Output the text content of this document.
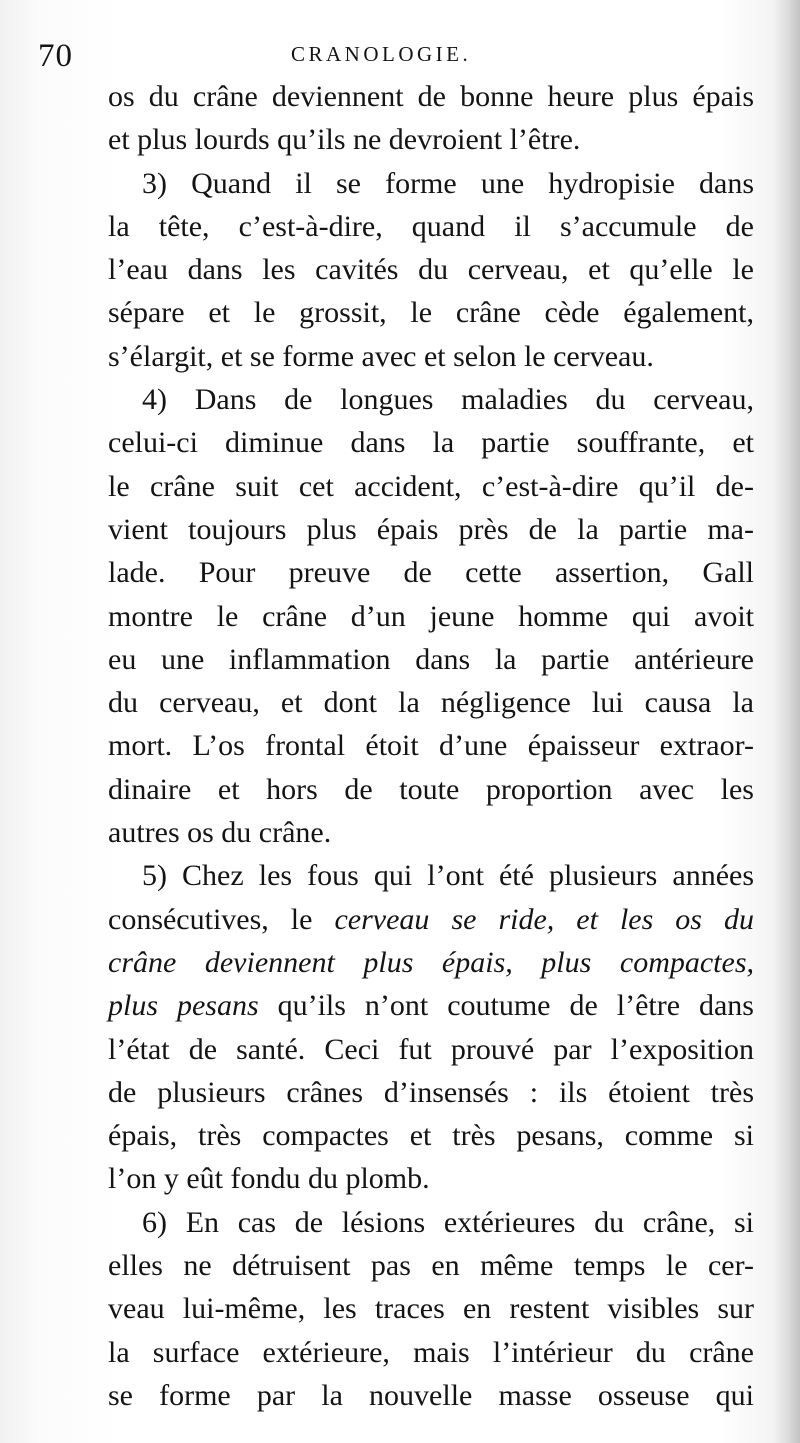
70	CRANOLOGIE.
os du crâne deviennent de bonne heure plus épais
et plus lourds qu’ils ne devroient l’être.
3) Quand il se forme une hydropisie dans
la tête, c’est-à-dire, quand il s’accumule de
l’eau dans les cavités du cerveau, et qu’elle le
sépare et le grossit, le crâne cède également,
s’élargit, et se forme avec et selon le cerveau.
4) Dans de longues maladies du cerveau,
celui-ci diminue dans la partie souffrante, et
le crâne suit cet accident, c’est-à-dire qu’il de-
vient toujours plus épais près de la partie ma-
lade. Pour preuve de cette assertion, Gall
montre le crâne d’un jeune homme qui avoit
eu une inflammation dans la partie antérieure
du cerveau, et dont la négligence lui causa la
mort. L’os frontal étoit d’une épaisseur extraor-
dinaire et hors de toute proportion avec les
autres os du crâne.
5) Chez les fous qui l’ont été plusieurs années
consécutives, le cerveau se ride, et les os du
crâne deviennent plus épais, plus compactes,
plus pesans qu’ils n’ont coutume de l’être dans
l’état de santé. Ceci fut prouvé par l’exposition
de plusieurs crânes d’insensés : ils étoient très
épais, très compactes et très pesans, comme si
l’on y eût fondu du plomb.
6) En cas de lésions extérieures du crâne, si
elles ne détruisent pas en même temps le cer-
veau lui-même, les traces en restent visibles sur
la surface extérieure, mais l’intérieur du crâne
se forme par la nouvelle masse osseuse qui
